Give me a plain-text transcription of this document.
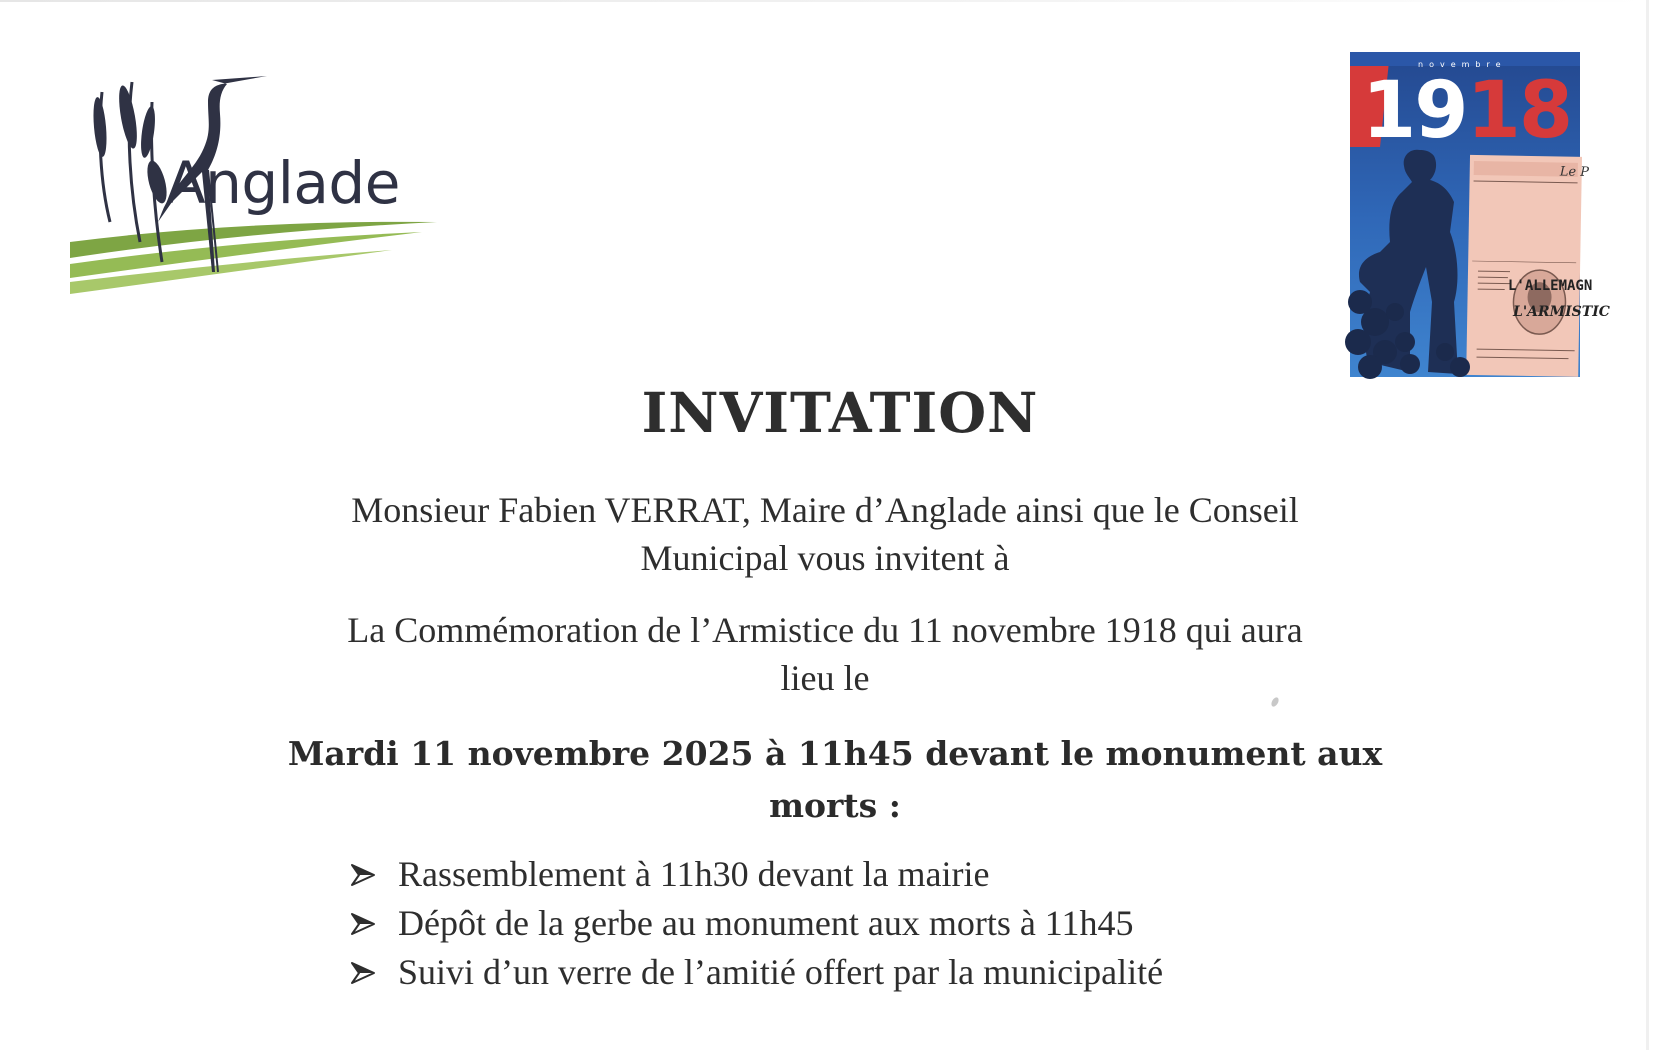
Anglade	Le P
novembre
1918
L'ALLEMAGN
L'ARMISTIC
INVITATION
Monsieur Fabien VERRAT, Maire d’Anglade ainsi que le Conseil
Municipal vous invitent à
La Commémoration de l’Armistice du 11 novembre 1918 qui aura
lieu le
Mardi 11 novembre 2025 à 11h45 devant le monument aux
morts :
Rassemblement à 11h30 devant la mairie
Dépôt de la gerbe au monument aux morts à 11h45
Suivi d’un verre de l’amitié offert par la municipalité
